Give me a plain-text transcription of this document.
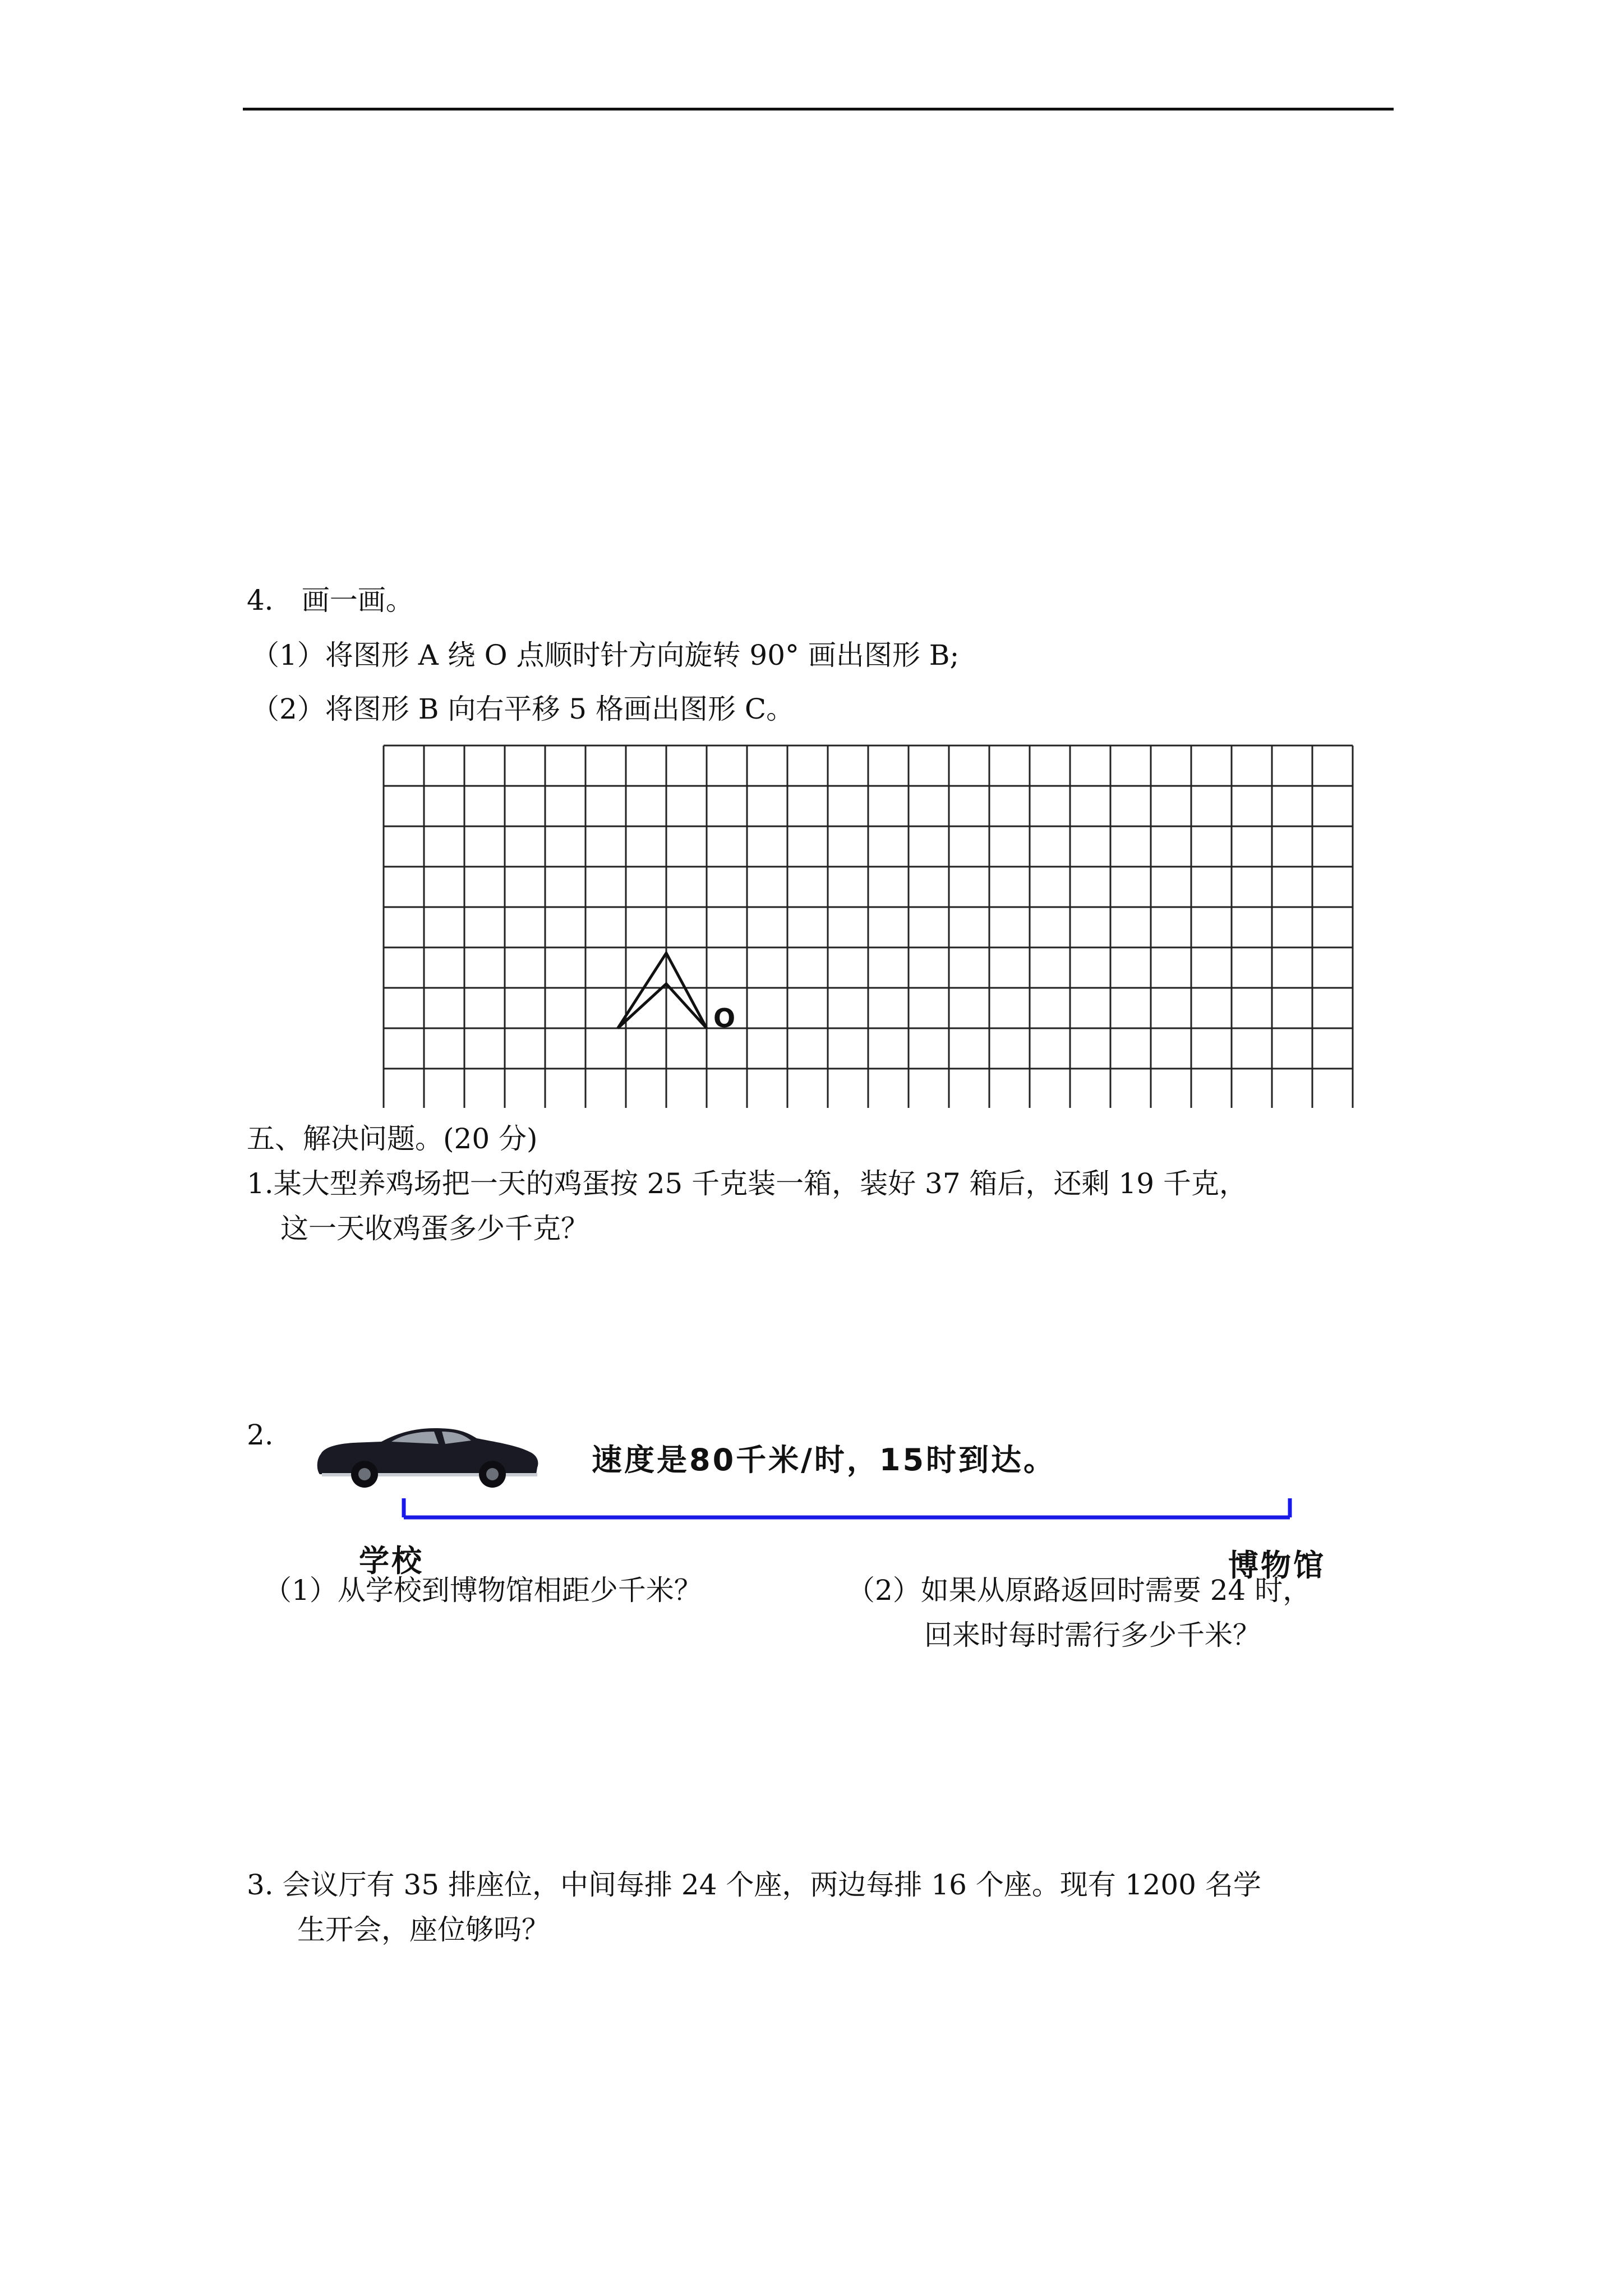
4． 画一画。
（1）将图形 A 绕 O 点顺时针方向旋转 90° 画出图形 B;
（2）将图形 B 向右平移 5 格画出图形 C。
O
五、解决问题。(20 分)
1.某大型养鸡场把一天的鸡蛋按 25 千克装一箱，装好 37 箱后，还剩 19 千克，
这一天收鸡蛋多少千克？
2.
速度是80千米/时，15时到达。
学校	博物馆
（1）从学校到博物馆相距少千米？	（2）如果从原路返回时需要 24 时，
回来时每时需行多少千米？
3. 会议厅有 35 排座位，中间每排 24 个座，两边每排 16 个座。现有 1200 名学
生开会，座位够吗？
